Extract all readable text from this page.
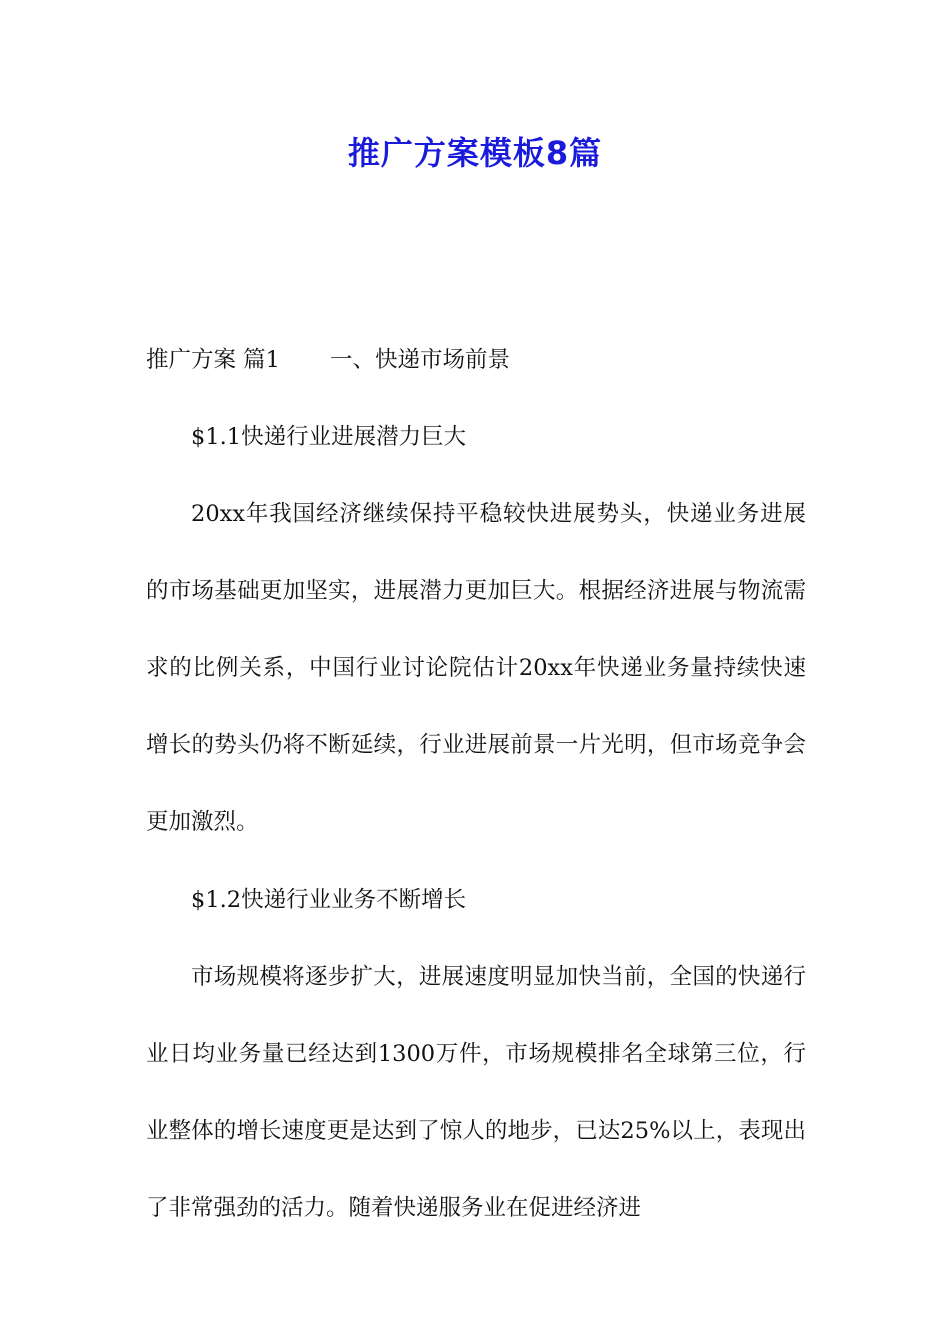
推广方案模板8篇

推广方案 篇1 一、快递市场前景

$1.1快递行业进展潜力巨大

20xx年我国经济继续保持平稳较快进展势头，快递业务进展的市场基础更加坚实，进展潜力更加巨大。根据经济进展与物流需求的比例关系，中国行业讨论院估计20xx年快递业务量持续快速增长的势头仍将不断延续，行业进展前景一片光明，但市场竞争会更加激烈。

$1.2快递行业业务不断增长

市场规模将逐步扩大，进展速度明显加快当前，全国的快递行业日均业务量已经达到1300万件，市场规模排名全球第三位，行业整体的增长速度更是达到了惊人的地步，已达25%以上，表现出了非常强劲的活力。随着快递服务业在促进经济进
